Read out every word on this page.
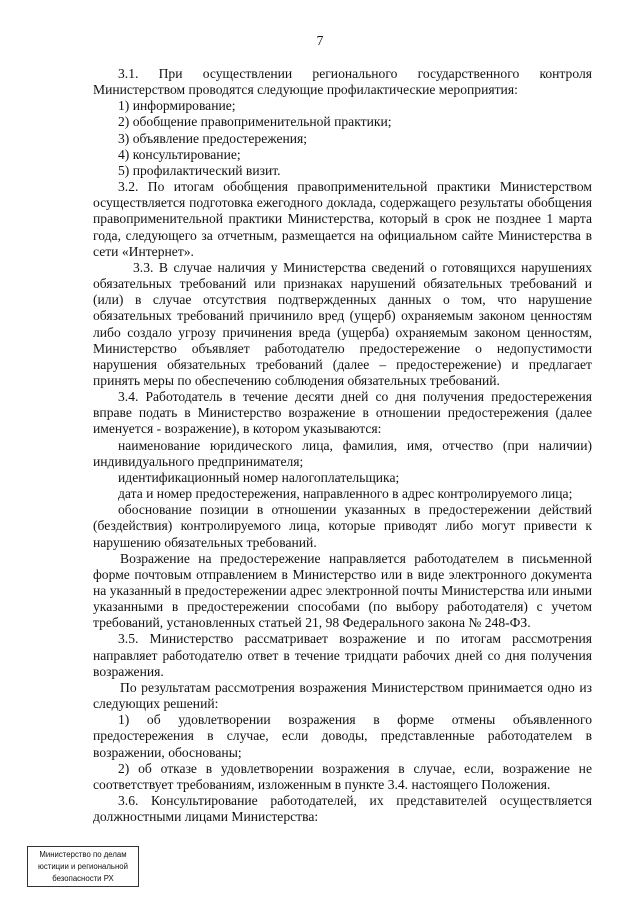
7

3.1. При осуществлении регионального государственного контроля Министерством проводятся следующие профилактические мероприятия:

1) информирование;

2) обобщение правоприменительной практики;

3) объявление предостережения;

4) консультирование;

5) профилактический визит.

3.2. По итогам обобщения правоприменительной практики Министерством осуществляется подготовка ежегодного доклада, содержащего результаты обобщения правоприменительной практики Министерства, который в срок не позднее 1 марта года, следующего за отчетным, размещается на официальном сайте Министерства в сети «Интернет».

3.3. В случае наличия у Министерства сведений о готовящихся нарушениях обязательных требований или признаках нарушений обязательных требований и (или) в случае отсутствия подтвержденных данных о том, что нарушение обязательных требований причинило вред (ущерб) охраняемым законом ценностям либо создало угрозу причинения вреда (ущерба) охраняемым законом ценностям, Министерство объявляет работодателю предостережение о недопустимости нарушения обязательных требований (далее – предостережение) и предлагает принять меры по обеспечению соблюдения обязательных требований.

3.4. Работодатель в течение десяти дней со дня получения предостережения вправе подать в Министерство возражение в отношении предостережения (далее именуется - возражение), в котором указываются:

наименование юридического лица, фамилия, имя, отчество (при наличии) индивидуального предпринимателя;

идентификационный номер налогоплательщика;

дата и номер предостережения, направленного в адрес контролируемого лица;

обоснование позиции в отношении указанных в предостережении действий (бездействия) контролируемого лица, которые приводят либо могут привести к нарушению обязательных требований.

Возражение на предостережение направляется работодателем в письменной форме почтовым отправлением в Министерство или в виде электронного документа на указанный в предостережении адрес электронной почты Министерства или иными указанными в предостережении способами (по выбору работодателя) с учетом требований, установленных статьей 21, 98 Федерального закона № 248-ФЗ.

3.5. Министерство рассматривает возражение и по итогам рассмотрения направляет работодателю ответ в течение тридцати рабочих дней со дня получения возражения.

По результатам рассмотрения возражения Министерством принимается одно из следующих решений:

1) об удовлетворении возражения в форме отмены объявленного предостережения в случае, если доводы, представленные работодателем в возражении, обоснованы;

2) об отказе в удовлетворении возражения в случае, если, возражение не соответствует требованиям, изложенным в пункте 3.4. настоящего Положения.

3.6. Консультирование работодателей, их представителей осуществляется должностными лицами Министерства:

Министерство по делам
юстиции и региональной
безопасности РХ
